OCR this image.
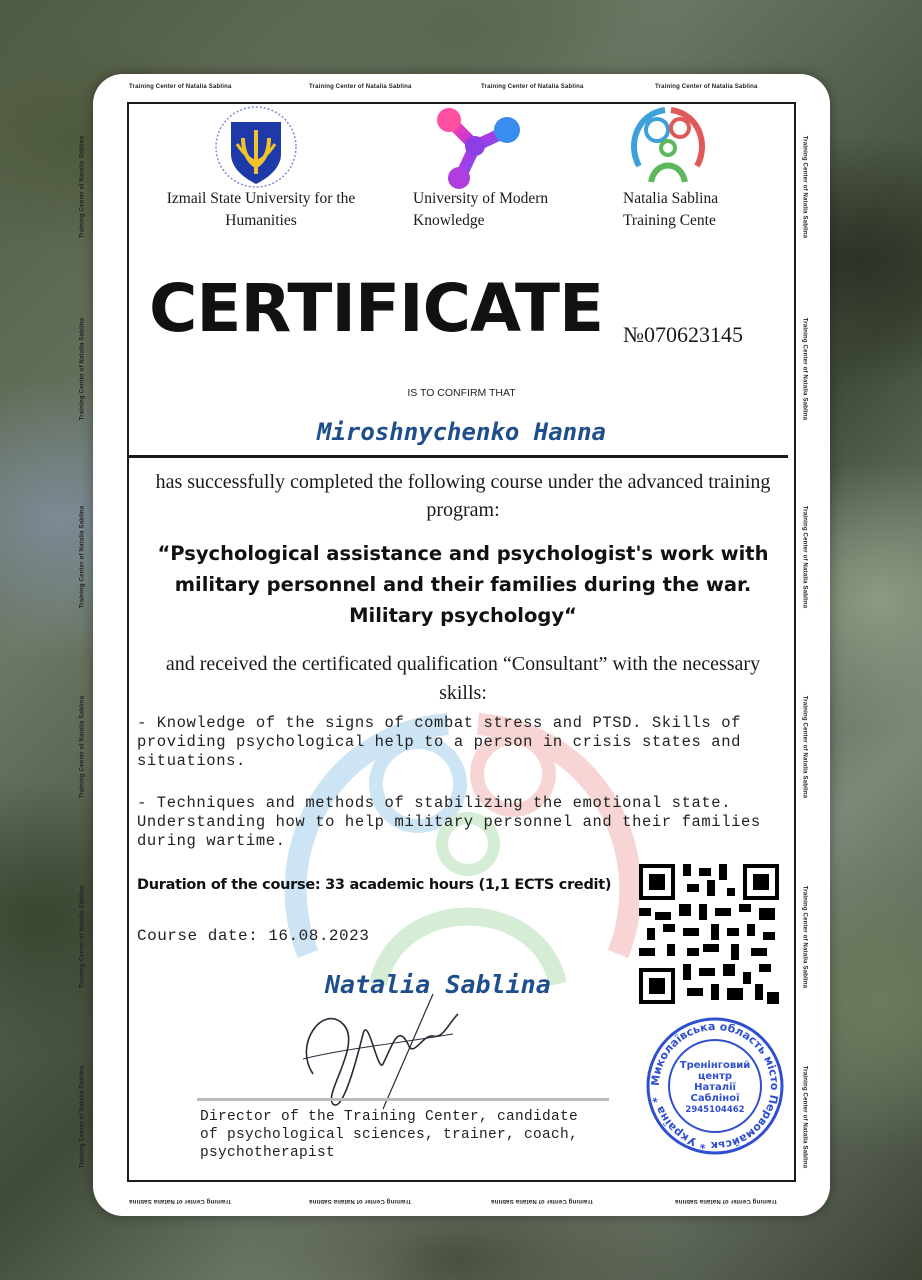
Training Center of Natalia Sablina	Training Center of Natalia Sablina	Training Center of Natalia Sablina	Training Center of Natalia Sablina
Training Center of Natalia Sablina	Training Center of Natalia Sablina	Training Center of Natalia Sablina	Training Center of Natalia Sablina
Training Center of Natalia Sablina
Training Center of Natalia Sablina
Training Center of Natalia Sablina
Training Center of Natalia Sablina
Training Center of Natalia Sablina
Training Center of Natalia Sablina
Training Center of Natalia Sablina
Training Center of Natalia Sablina
Training Center of Natalia Sablina
Training Center of Natalia Sablina
Training Center of Natalia Sablina
Training Center of Natalia Sablina
Izmail State University for the Humanities
University of Modern Knowledge
Natalia Sablina Training Cente
CERTIFICATE №070623145
IS TO CONFIRM THAT
Miroshnychenko Hanna
has successfully completed the following course under the advanced training program:
“Psychological assistance and psychologist's work with military personnel and their families during the war. Military psychology“
and received the certificated qualification “Consultant” with the necessary skills:
- Knowledge of the signs of combat stress and PTSD. Skills of providing psychological help to a person in crisis states and situations.
- Techniques and methods of stabilizing the emotional state. Understanding how to help military personnel and their families during wartime.
Duration of the course: 33 academic hours (1,1 ECTS credit)
Course date: 16.08.2023
Natalia Sablina
Director of the Training Center, candidate of psychological sciences, trainer, coach, psychotherapist
Миколаївська область місто Первомайськ * Україна *
Тренінговий
центр
Наталії
Сабліної
2945104462
